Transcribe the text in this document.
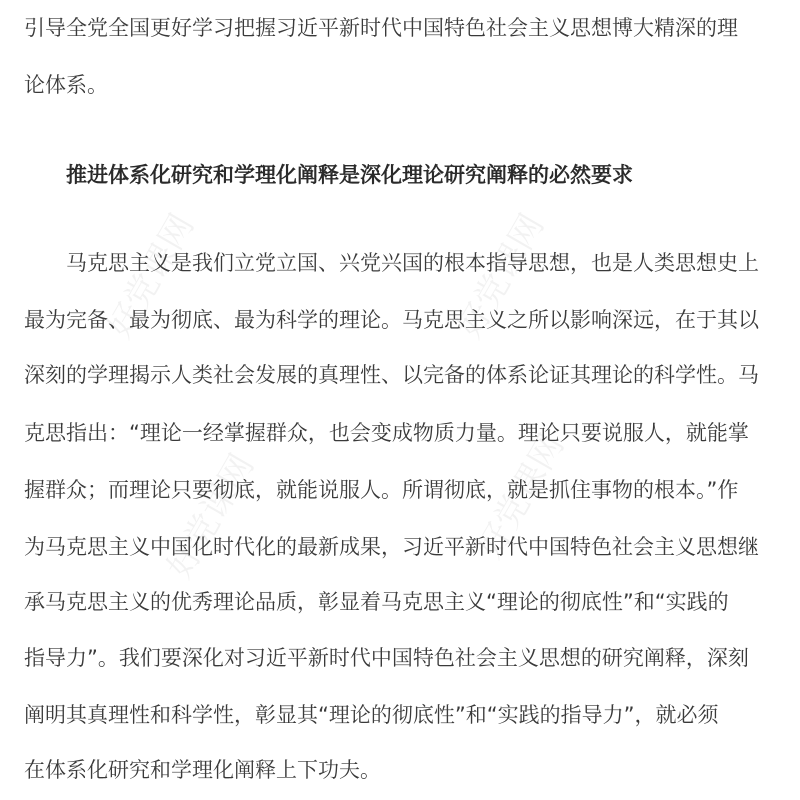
好党课网	好党课网
好党课网	好党课网
引导全党全国更好学习把握习近平新时代中国特色社会主义思想博大精深的理
论体系。
推进体系化研究和学理化阐释是深化理论研究阐释的必然要求
马克思主义是我们立党立国、兴党兴国的根本指导思想，也是人类思想史上
最为完备、最为彻底、最为科学的理论。马克思主义之所以影响深远，在于其以
深刻的学理揭示人类社会发展的真理性、以完备的体系论证其理论的科学性。马
克思指出：“理论一经掌握群众，也会变成物质力量。理论只要说服人，就能掌
握群众；而理论只要彻底，就能说服人。所谓彻底，就是抓住事物的根本。”作
为马克思主义中国化时代化的最新成果，习近平新时代中国特色社会主义思想继
承马克思主义的优秀理论品质，彰显着马克思主义“理论的彻底性”和“实践的
指导力”。我们要深化对习近平新时代中国特色社会主义思想的研究阐释，深刻
阐明其真理性和科学性，彰显其“理论的彻底性”和“实践的指导力”，就必须
在体系化研究和学理化阐释上下功夫。
